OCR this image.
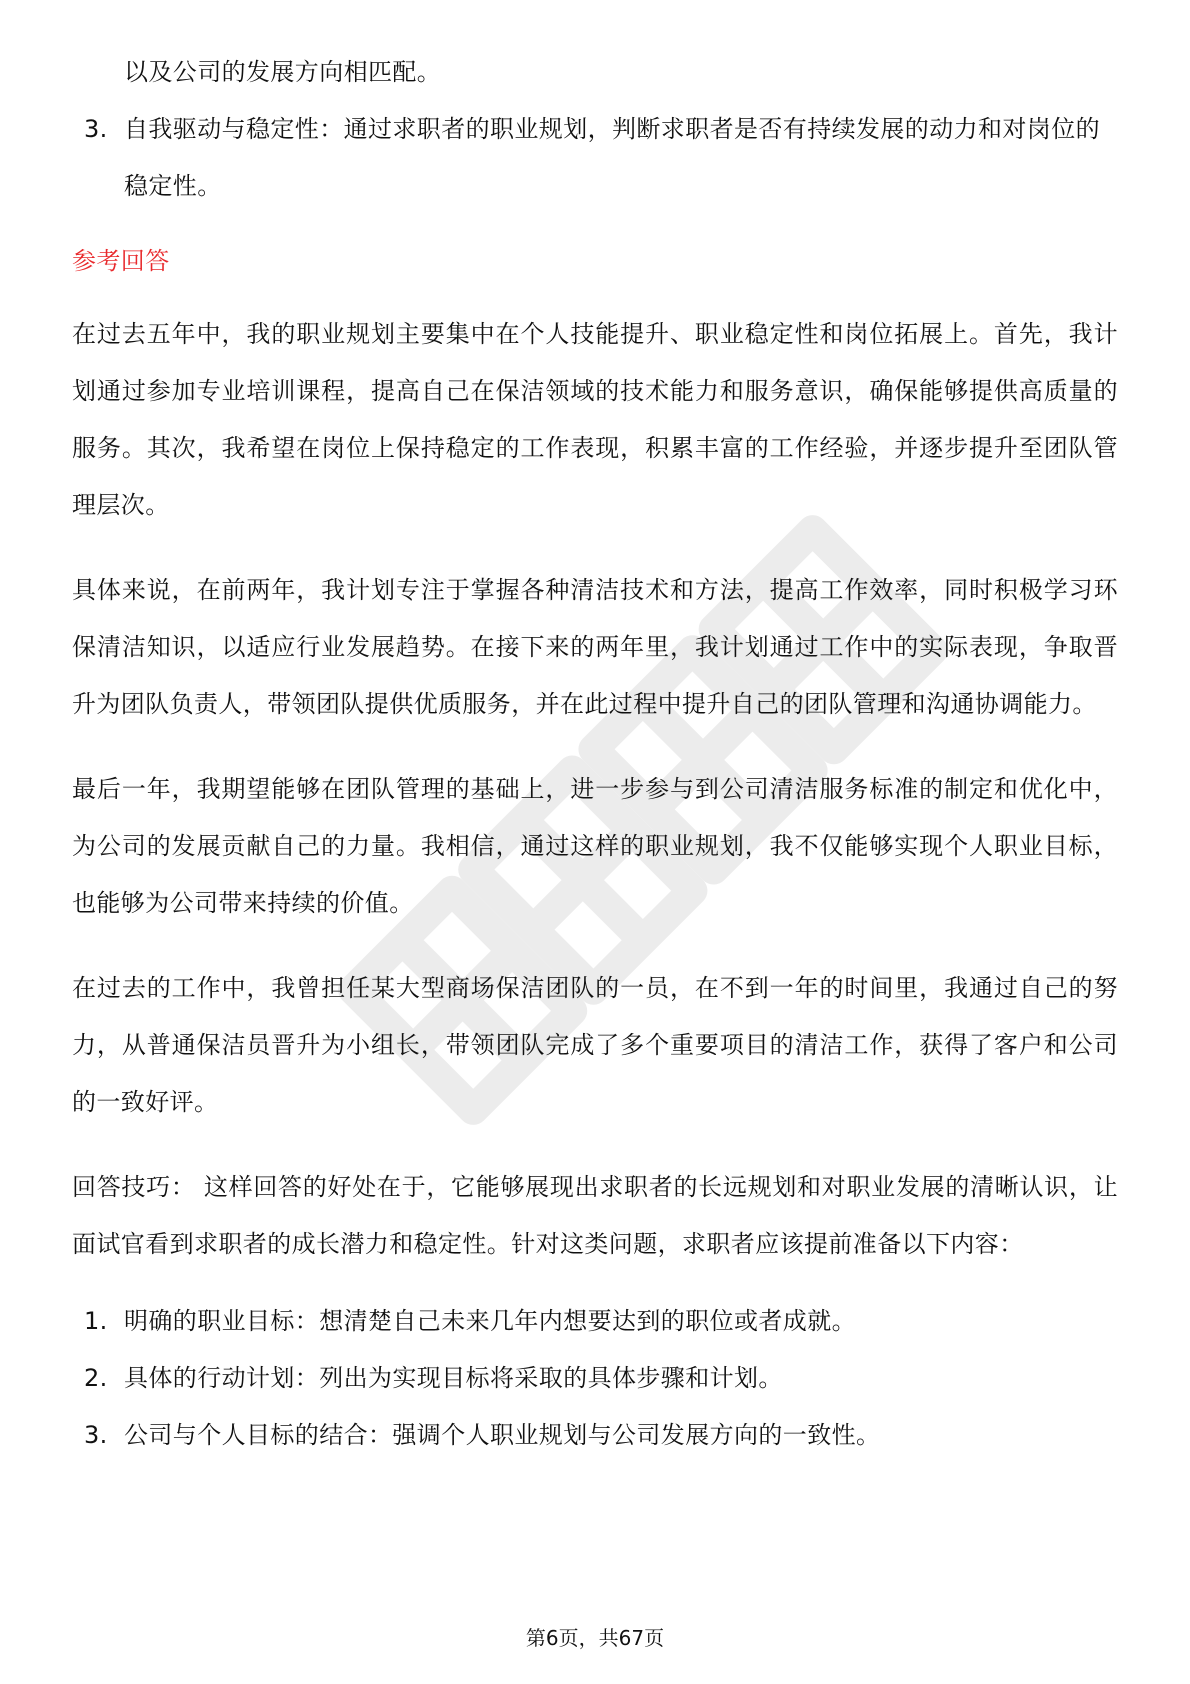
以及公司的发展方向相匹配。

3. 自我驱动与稳定性：通过求职者的职业规划，判断求职者是否有持续发展的动力和对岗位的稳定性。
参考回答

在过去五年中，我的职业规划主要集中在个人技能提升、职业稳定性和岗位拓展上。首先，我计划通过参加专业培训课程，提高自己在保洁领域的技术能力和服务意识，确保能够提供高质量的服务。其次，我希望在岗位上保持稳定的工作表现，积累丰富的工作经验，并逐步提升至团队管理层次。

具体来说，在前两年，我计划专注于掌握各种清洁技术和方法，提高工作效率，同时积极学习环保清洁知识，以适应行业发展趋势。在接下来的两年里，我计划通过工作中的实际表现，争取晋升为团队负责人，带领团队提供优质服务，并在此过程中提升自己的团队管理和沟通协调能力。

最后一年，我期望能够在团队管理的基础上，进一步参与到公司清洁服务标准的制定和优化中，为公司的发展贡献自己的力量。我相信，通过这样的职业规划，我不仅能够实现个人职业目标，也能够为公司带来持续的价值。

在过去的工作中，我曾担任某大型商场保洁团队的一员，在不到一年的时间里，我通过自己的努力，从普通保洁员晋升为小组长，带领团队完成了多个重要项目的清洁工作，获得了客户和公司的一致好评。

回答技巧： 这样回答的好处在于，它能够展现出求职者的长远规划和对职业发展的清晰认识，让面试官看到求职者的成长潜力和稳定性。针对这类问题，求职者应该提前准备以下内容：

1. 明确的职业目标：想清楚自己未来几年内想要达到的职位或者成就。
2. 具体的行动计划：列出为实现目标将采取的具体步骤和计划。
3. 公司与个人目标的结合：强调个人职业规划与公司发展方向的一致性。
第6页，共67页
